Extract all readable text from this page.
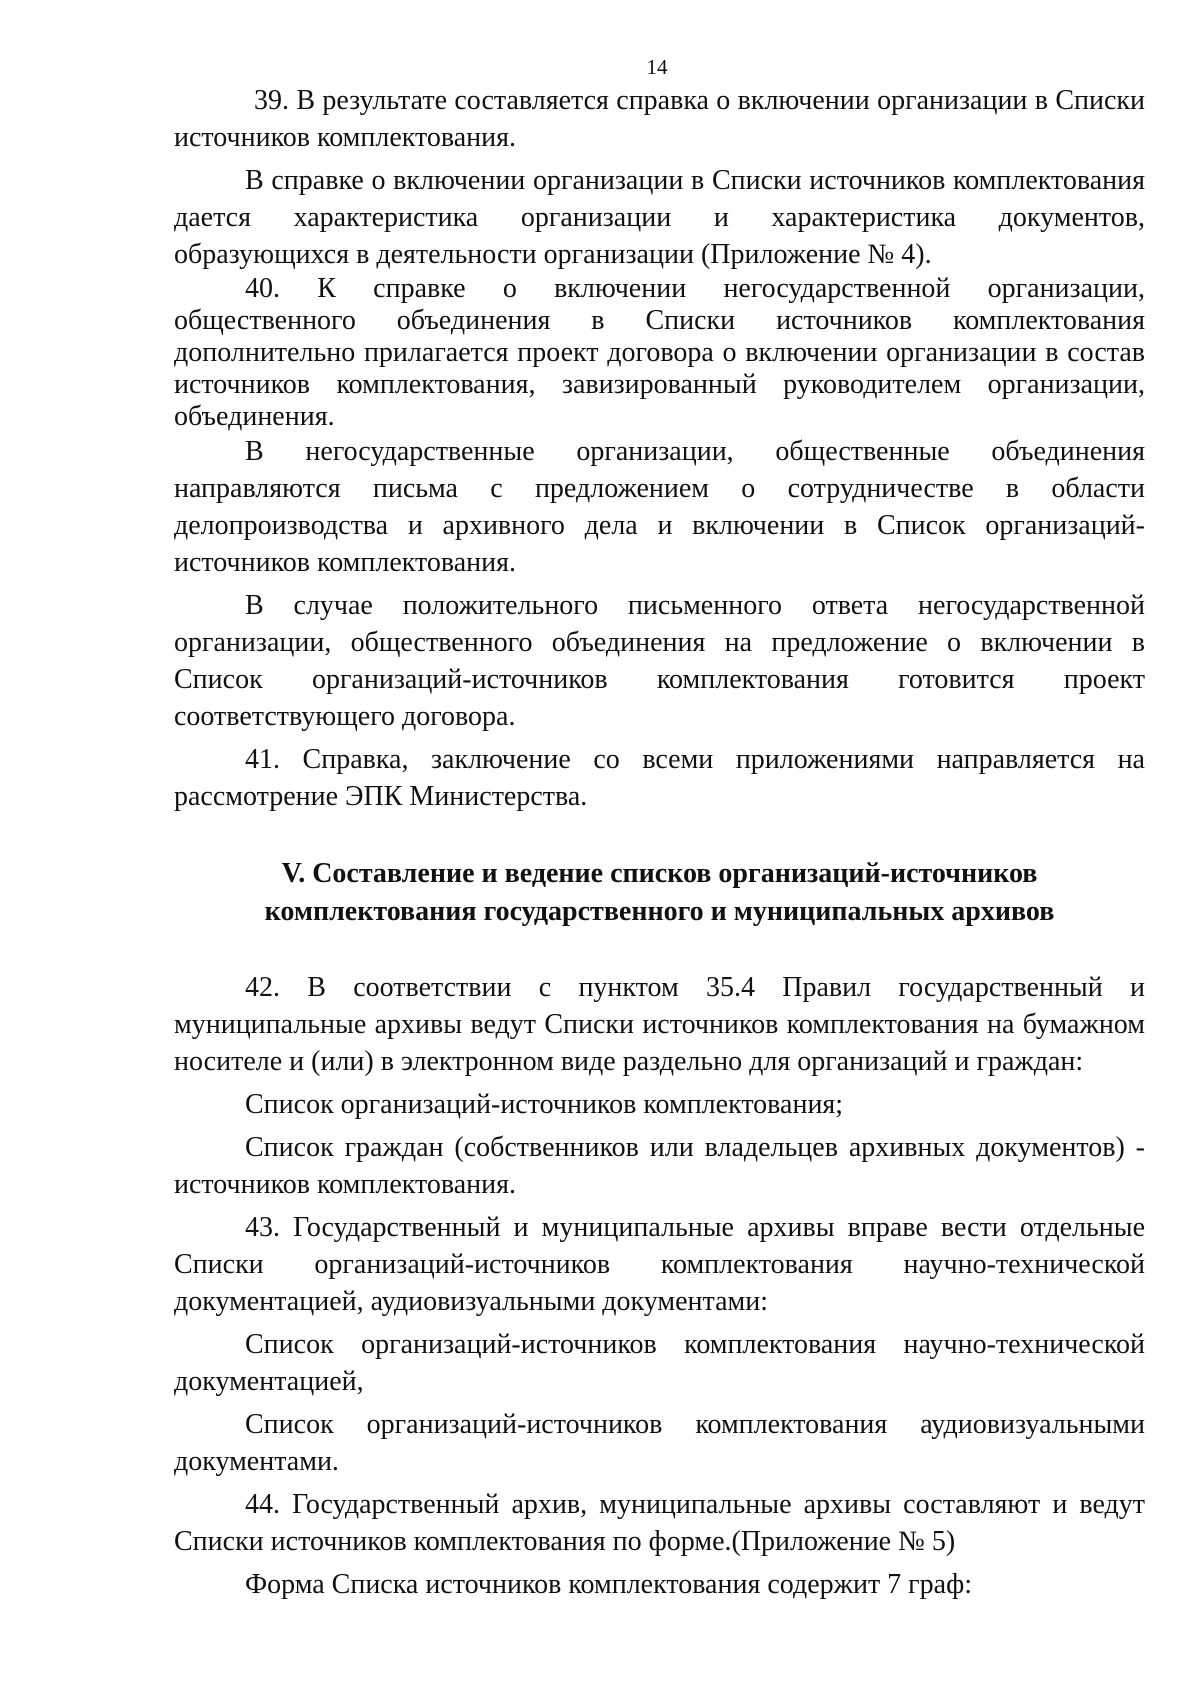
14

39. В результате составляется справка о включении организации в Списки источников комплектования.

В справке о включении организации в Списки источников комплектования дается характеристика организации и характеристика документов, образующихся в деятельности организации (Приложение № 4).

40. К справке о включении негосударственной организации, общественного объединения в Списки источников комплектования дополнительно прилагается проект договора о включении организации в состав источников комплектования, завизированный руководителем организации, объединения.

В негосударственные организации, общественные объединения направляются письма с предложением о сотрудничестве в области делопроизводства и архивного дела и включении в Список организаций-источников комплектования.

В случае положительного письменного ответа негосударственной организации, общественного объединения на предложение о включении в Список организаций-источников комплектования готовится проект соответствующего договора.

41. Справка, заключение со всеми приложениями направляется на рассмотрение ЭПК Министерства.

V. Составление и ведение списков организаций-источников
комплектования государственного и муниципальных архивов

42. В соответствии с пунктом 35.4 Правил государственный и муниципальные архивы ведут Списки источников комплектования на бумажном носителе и (или) в электронном виде раздельно для организаций и граждан:

Список организаций-источников комплектования;

Список граждан (собственников или владельцев архивных документов) - источников комплектования.

43. Государственный и муниципальные архивы вправе вести отдельные Списки организаций-источников комплектования научно-технической документацией, аудиовизуальными документами:

Список организаций-источников комплектования научно-технической документацией,

Список организаций-источников комплектования аудиовизуальными документами.

44. Государственный архив, муниципальные архивы составляют и ведут Списки источников комплектования по форме.(Приложение № 5)

Форма Списка источников комплектования содержит 7 граф:
